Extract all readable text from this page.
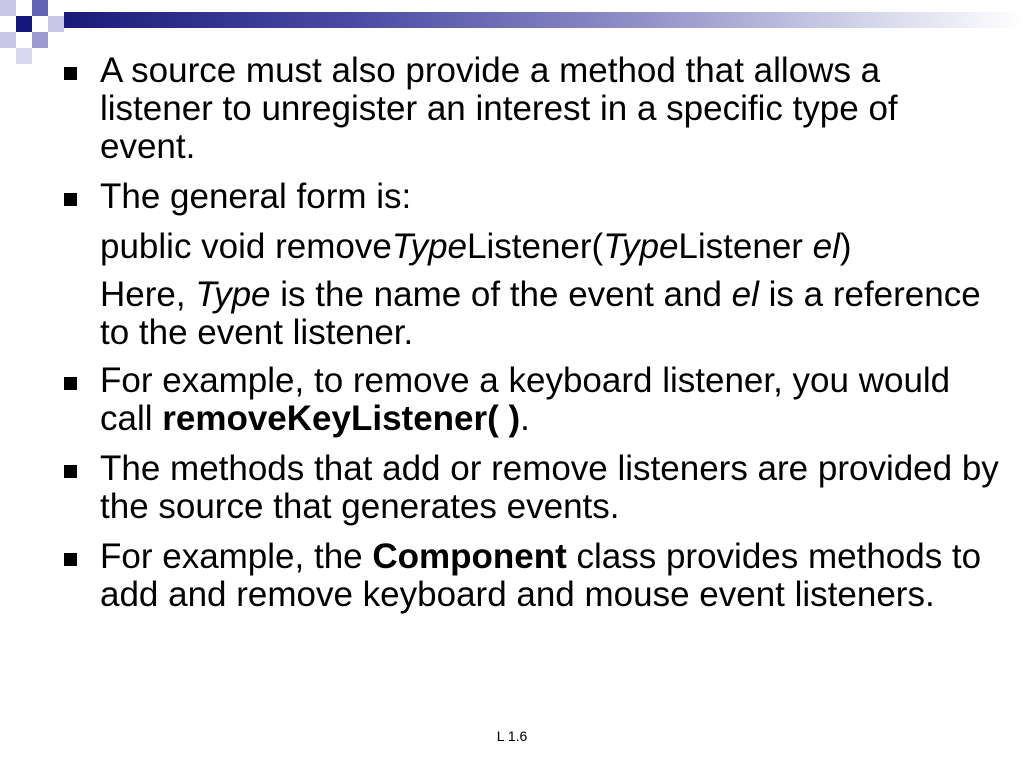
A source must also provide a method that allows a listener to unregister an interest in a specific type of event.
The general form is:
public void removeTypeListener(TypeListener el)
Here, Type is the name of the event and el is a reference to the event listener.
For example, to remove a keyboard listener, you would call removeKeyListener( ).
The methods that add or remove listeners are provided by the source that generates events.
For example, the Component class provides methods to add and remove keyboard and mouse event listeners.
L 1.6
